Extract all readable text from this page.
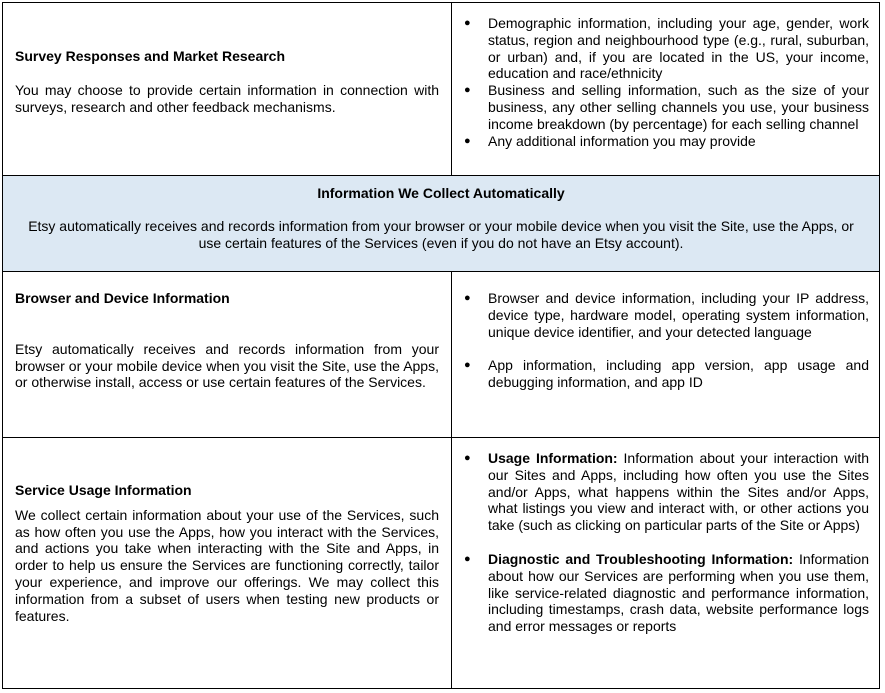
Survey Responses and Market Research

You may choose to provide certain information in connection with surveys, research and other feedback mechanisms.

● Demographic information, including your age, gender, work status, region and neighbourhood type (e.g., rural, suburban, or urban) and, if you are located in the US, your income, education and race/ethnicity
● Business and selling information, such as the size of your business, any other selling channels you use, your business income breakdown (by percentage) for each selling channel
● Any additional information you may provide

Information We Collect Automatically

Etsy automatically receives and records information from your browser or your mobile device when you visit the Site, use the Apps, or use certain features of the Services (even if you do not have an Etsy account).

Browser and Device Information

Etsy automatically receives and records information from your browser or your mobile device when you visit the Site, use the Apps, or otherwise install, access or use certain features of the Services.

● Browser and device information, including your IP address, device type, hardware model, operating system information, unique device identifier, and your detected language
● App information, including app version, app usage and debugging information, and app ID

Service Usage Information

We collect certain information about your use of the Services, such as how often you use the Apps, how you interact with the Services, and actions you take when interacting with the Site and Apps, in order to help us ensure the Services are functioning correctly, tailor your experience, and improve our offerings. We may collect this information from a subset of users when testing new products or features.

● Usage Information: Information about your interaction with our Sites and Apps, including how often you use the Sites and/or Apps, what happens within the Sites and/or Apps, what listings you view and interact with, or other actions you take (such as clicking on particular parts of the Site or Apps)
● Diagnostic and Troubleshooting Information: Information about how our Services are performing when you use them, like service-related diagnostic and performance information, including timestamps, crash data, website performance logs and error messages or reports
